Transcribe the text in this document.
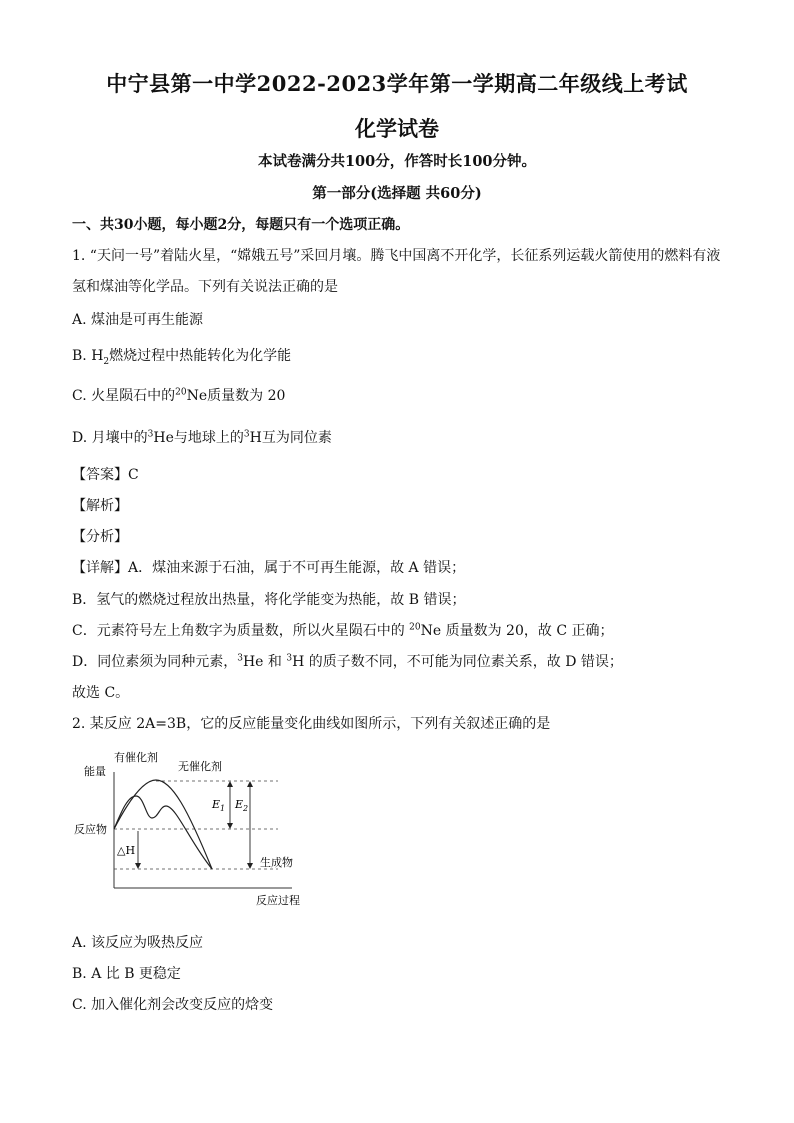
中宁县第一中学2022-2023学年第一学期高二年级线上考试
化学试卷
本试卷满分共100分，作答时长100分钟。
第一部分(选择题 共60分)
一、共30小题，每小题2分，每题只有一个选项正确。
1. “天问一号”着陆火星，“嫦娥五号”采回月壤。腾飞中国离不开化学，长征系列运载火箭使用的燃料有液
氢和煤油等化学品。下列有关说法正确的是
A. 煤油是可再生能源
B. $H_2$燃烧过程中热能转化为化学能
C. 火星陨石中的$^{20}$Ne质量数为 20
D. 月壤中的$^3$He与地球上的$^3$H互为同位素
【答案】C
【解析】
【分析】
【详解】A．煤油来源于石油，属于不可再生能源，故 A 错误；
B．氢气的燃烧过程放出热量，将化学能变为热能，故 B 错误；
C．元素符号左上角数字为质量数，所以火星陨石中的 $^{20}$Ne 质量数为 20，故 C 正确；
D．同位素须为同种元素，$^3$He 和 $^3$H 的质子数不同，不可能为同位素关系，故 D 错误；
故选 C。
2. 某反应 2A=3B，它的反应能量变化曲线如图所示，下列有关叙述正确的是
能量
有催化剂
无催化剂
反应物
△H
生成物
$E_1$ $E_2$
反应过程
A. 该反应为吸热反应
B. A 比 B 更稳定
C. 加入催化剂会改变反应的焓变
